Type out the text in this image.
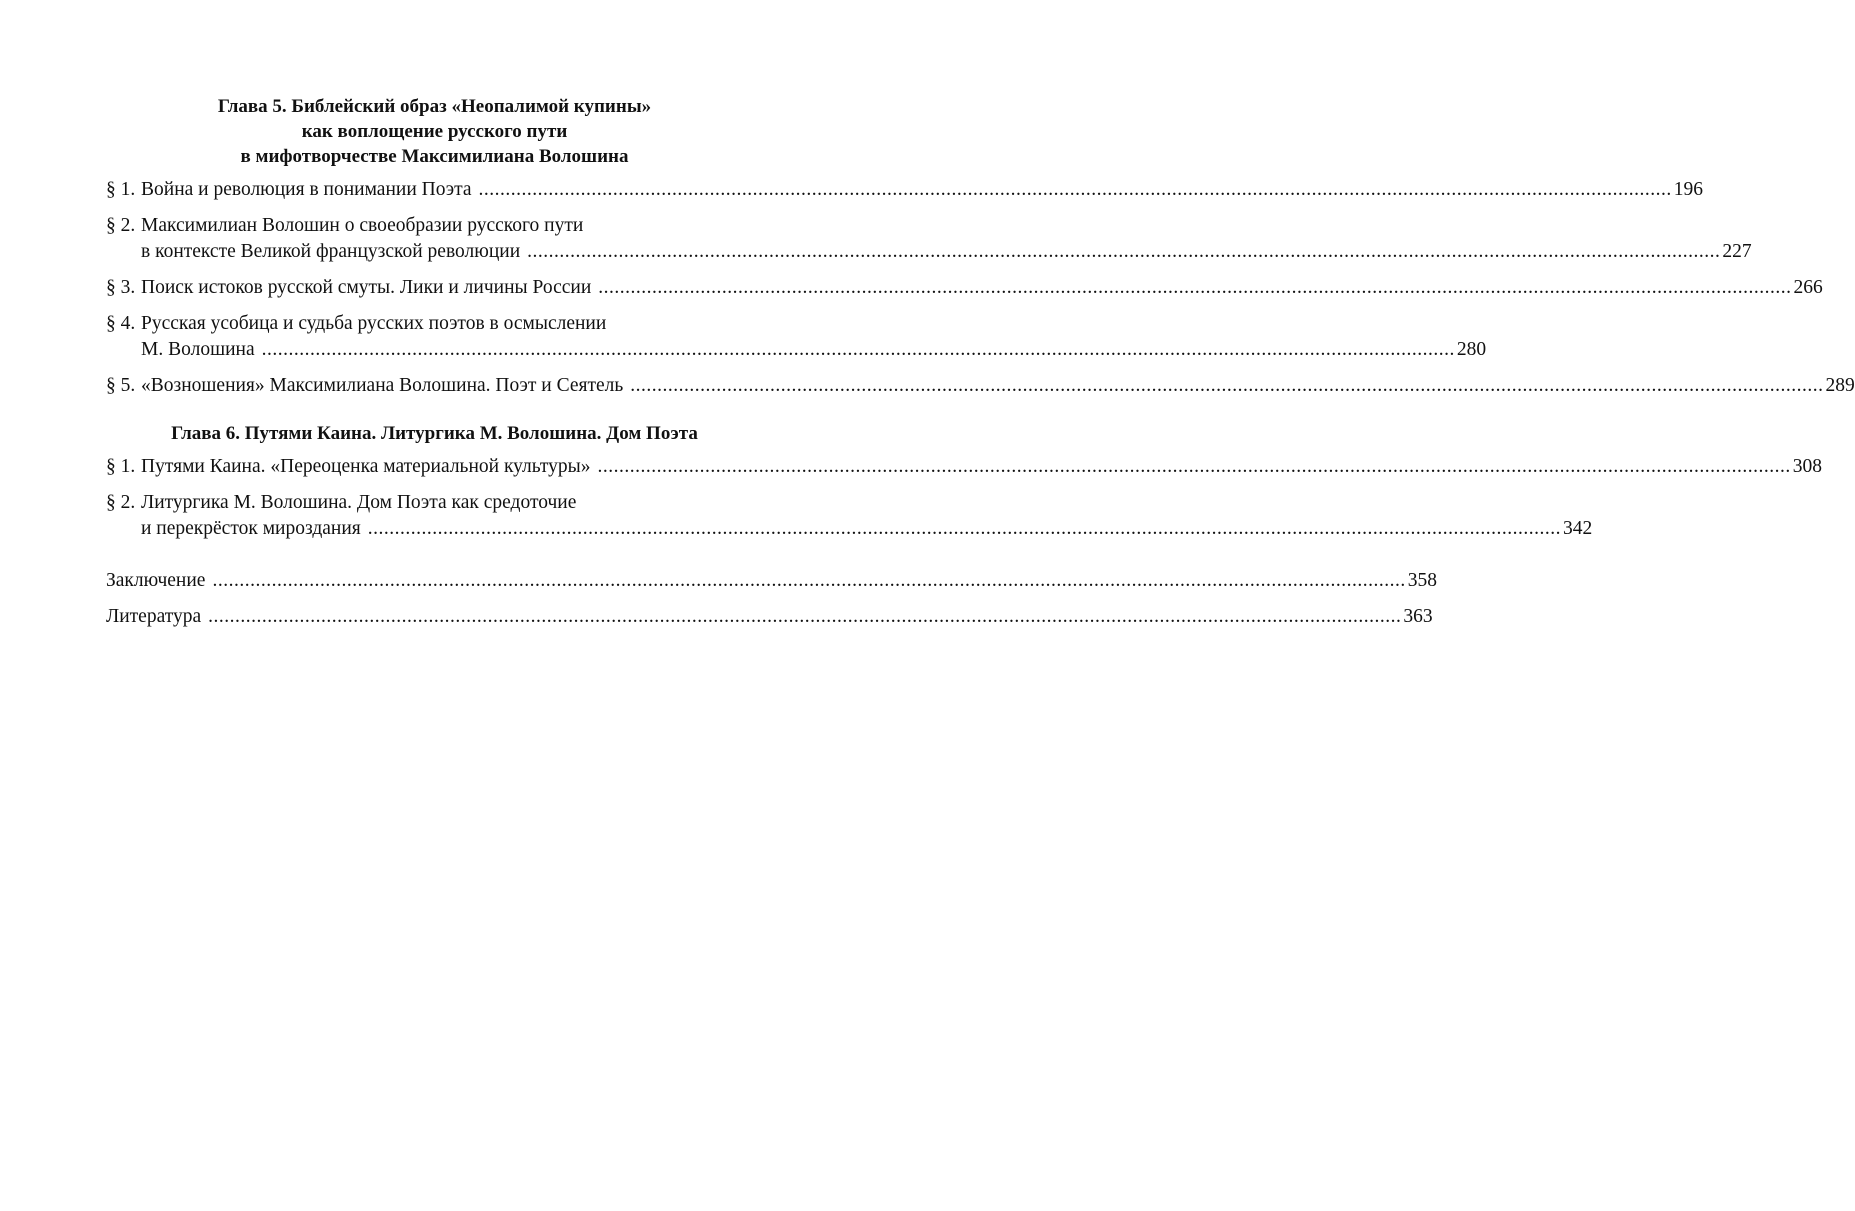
Глава 5. Библейский образ «Неопалимой купины»
как воплощение русского пути
в мифотворчестве Максимилиана Волошина
§ 1. Война и революция в понимании Поэта .............................................................................................................................................................................................................................. 196
§ 2. Максимилиан Волошин о своеобразии русского пути
в контексте Великой французской революции .............................................................................................................................................................................................................................. 227
§ 3. Поиск истоков русской смуты. Лики и личины России .............................................................................................................................................................................................................................. 266
§ 4. Русская усобица и судьба русских поэтов в осмыслении
М. Волошина .............................................................................................................................................................................................................................. 280
§ 5. «Возношения» Максимилиана Волошина. Поэт и Сеятель .............................................................................................................................................................................................................................. 289
Глава 6. Путями Каина. Литургика М. Волошина. Дом Поэта
§ 1. Путями Каина. «Переоценка материальной культуры» .............................................................................................................................................................................................................................. 308
§ 2. Литургика М. Волошина. Дом Поэта как средоточие
и перекрёсток мироздания .............................................................................................................................................................................................................................. 342
Заключение .............................................................................................................................................................................................................................. 358
Литература .............................................................................................................................................................................................................................. 363
